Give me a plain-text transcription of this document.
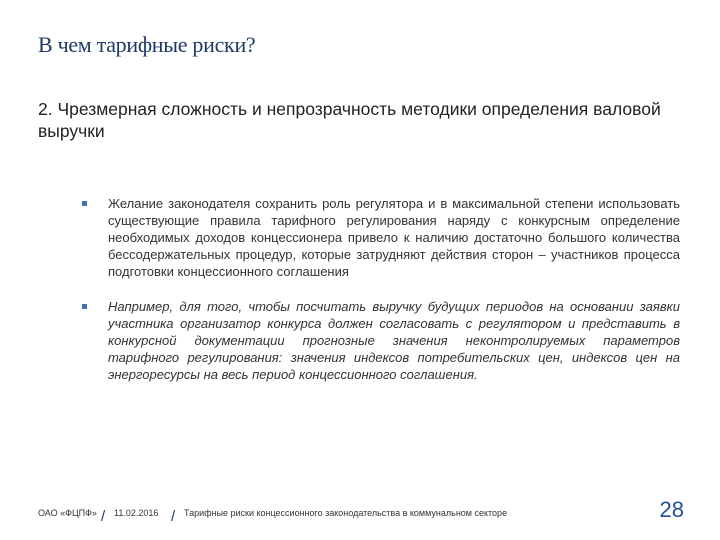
В чем тарифные риски?

2. Чрезмерная сложность и непрозрачность методики определения валовой выручки

Желание законодателя сохранить роль регулятора и в максимальной степени использовать существующие правила тарифного регулирования наряду с конкурсным определение необходимых доходов концессионера привело к наличию достаточно большого количества бессодержательных процедур, которые затрудняют действия сторон – участников процесса подготовки концессионного соглашения
Например, для того, чтобы посчитать выручку будущих периодов на основании заявки участника организатор конкурса должен согласовать с регулятором и представить в конкурсной документации прогнозные значения неконтролируемых параметров тарифного регулирования: значения индексов потребительских цен, индексов цен на энергоресурсы на весь период концессионного соглашения.
ОАО «ФЦПФ» / 11.02.2016 / Тарифные риски концессионного законодательства в коммунальном секторе	28
